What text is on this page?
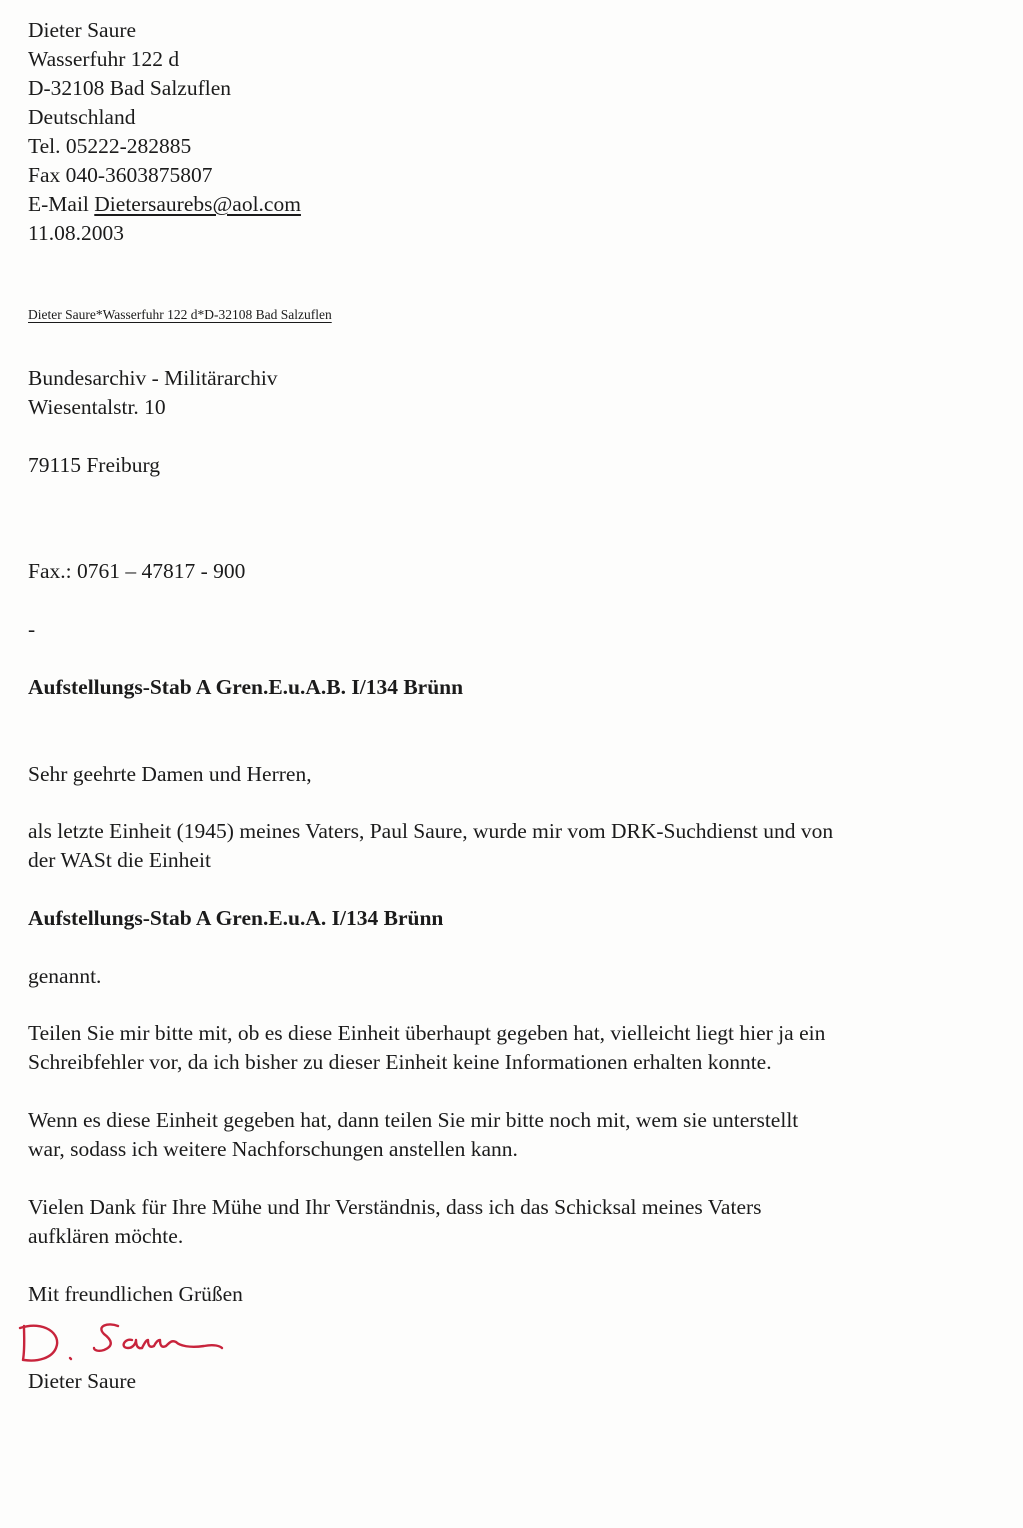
Dieter Saure
Wasserfuhr 122 d
D-32108 Bad Salzuflen
Deutschland
Tel. 05222-282885
Fax 040-3603875807
E-Mail Dietersaurebs@aol.com
11.08.2003
Dieter Saure*Wasserfuhr 122 d*D-32108 Bad Salzuflen
Bundesarchiv - Militärarchiv
Wiesentalstr. 10
79115 Freiburg
Fax.: 0761 – 47817 - 900
-
Aufstellungs-Stab A Gren.E.u.A.B. I/134 Brünn
Sehr geehrte Damen und Herren,
als letzte Einheit (1945) meines Vaters, Paul Saure, wurde mir vom DRK-Suchdienst und von
der WASt die Einheit
Aufstellungs-Stab A Gren.E.u.A. I/134 Brünn
genannt.
Teilen Sie mir bitte mit, ob es diese Einheit überhaupt gegeben hat, vielleicht liegt hier ja ein
Schreibfehler vor, da ich bisher zu dieser Einheit keine Informationen erhalten konnte.
Wenn es diese Einheit gegeben hat, dann teilen Sie mir bitte noch mit, wem sie unterstellt
war, sodass ich weitere Nachforschungen anstellen kann.
Vielen Dank für Ihre Mühe und Ihr Verständnis, dass ich das Schicksal meines Vaters
aufklären möchte.
Mit freundlichen Grüßen
Dieter Saure
